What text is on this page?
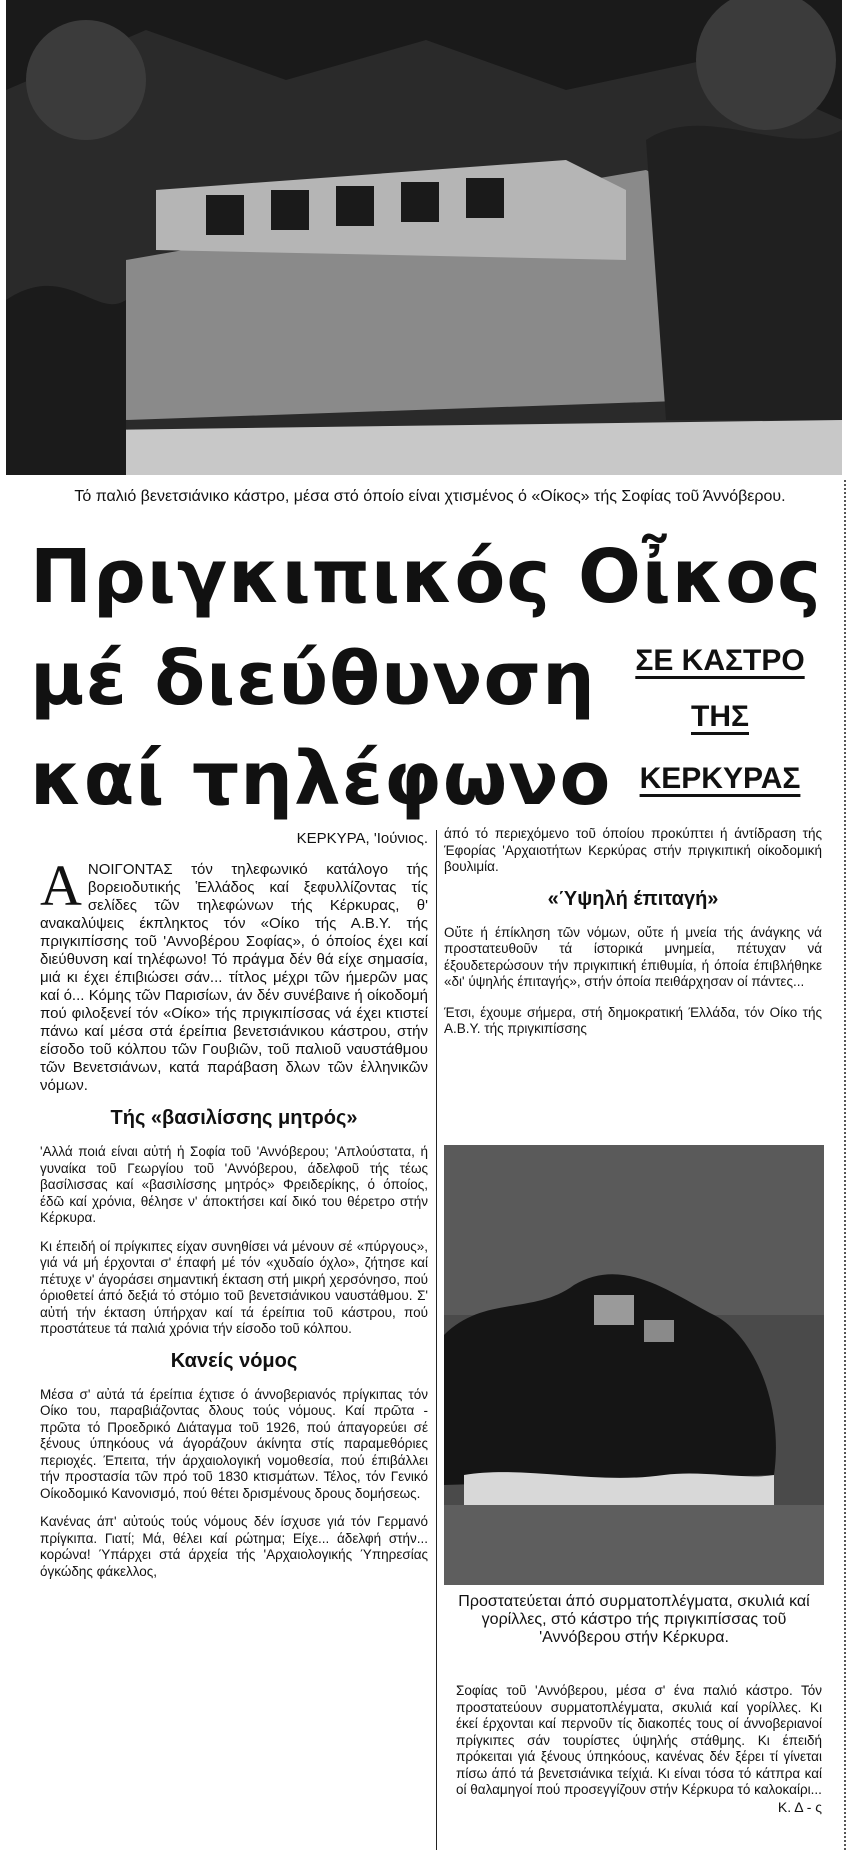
Τό παλιό βενετσιάνικο κάστρο, μέσα στό όποίο είναι χτισμένος ό «Οίκος» τής Σοφίας τοῦ Άννόβερου.
Πριγκιπικός Οἶκος
μέ διεύθυνση
καί τηλέφωνο
ΣΕ ΚΑΣΤΡΟ
ΤΗΣ
ΚΕΡΚΥΡΑΣ
ΚΕΡΚΥΡΑ, 'Ιούνιος.

ΑΝΟΙΓΟΝΤΑΣ τόν τηλεφωνικό κατάλογο τής βορειοδυτικής Ἑλλάδος καί ξεφυλλίζοντας τίς σελίδες τῶν τηλεφώνων τής Κέρκυρας, θ' ανακαλύψεις έκπληκτος τόν «Οίκο τής Α.Β.Υ. τής πριγκιπίσσης τοῦ 'Αννοβέρου Σοφίας», ό όποίος έχει καί διεύθυνση καί τηλέφωνο! Τό πράγμα δέν θά είχε σημασία, μιά κι έχει έπιβιώσει σάν... τίτλος μέχρι τῶν ήμερῶν μας καί ό... Κόμης τῶν Παρισίων, άν δέν συνέβαινε ή οίκοδομή πού φιλοξενεί τόν «Οίκο» τής πριγκιπίσσας νά έχει κτιστεί πάνω καί μέσα στά έρείπια βενετσιάνικου κάστρου, στήν είσοδο τοῦ κόλπου τῶν Γουβιῶν, τοῦ παλιοῦ ναυστάθμου τῶν Βενετσιάνων, κατά παράβαση δλων τῶν ἑλληνικῶν νόμων.

Τής «βασιλίσσης μητρός»

'Αλλά ποιά είναι αὐτή ἡ Σοφία τοῦ 'Αννόβερου; 'Απλούστατα, ή γυναίκα τοῦ Γεωργίου τοῦ 'Αννόβερου, άδελφοῦ τής τέως βασίλισσας καί «βασιλίσσης μητρός» Φρειδερίκης, ό όποίος, έδῶ καί χρόνια, θέλησε ν' άποκτήσει καί δικό του θέρετρο στήν Κέρκυρα.

Κι έπειδή οί πρίγκιπες είχαν συνηθίσει νά μένουν σέ «πύργους», γιά νά μή έρχονται σ' έπαφή μέ τόν «χυδαίο όχλο», ζήτησε καί πέτυχε ν' άγοράσει σημαντική έκταση στή μικρή χερσόνησο, πού όριοθετεί άπό δεξιά τό στόμιο τοῦ βενετσιάνικου ναυστάθμου. Σ' αὐτή τήν έκταση ύπήρχαν καί τά έρείπια τοῦ κάστρου, πού προστάτευε τά παλιά χρόνια τήν είσοδο τοῦ κόλπου.

Κανείς νόμος

Μέσα σ' αὐτά τά έρείπια έχτισε ό άννοβεριανός πρίγκιπας τόν Οίκο του, παραβιάζοντας δλους τούς νόμους. Καί πρῶτα - πρῶτα τό Προεδρικό Διάταγμα τοῦ 1926, πού άπαγορεύει σέ ξένους ύπηκόους νά άγοράζουν άκίνητα στίς παραμεθόριες περιοχές. Έπειτα, τήν άρχαιολογική νομοθεσία, πού έπιβάλλει τήν προστασία τῶν πρό τοῦ 1830 κτισμάτων. Τέλος, τόν Γενικό Οίκοδομικό Κανονισμό, πού θέτει δρισμένους δρους δομήσεως.

Κανένας άπ' αὐτούς τούς νόμους δέν ίσχυσε γιά τόν Γερμανό πρίγκιπα. Γιατί; Μά, θέλει καί ρώτημα; Είχε... άδελφή στήν... κορώνα! Ύπάρχει στά άρχεία τής 'Αρχαιολογικής Ύπηρεσίας όγκώδης φάκελλος,

άπό τό περιεχόμενο τοῦ όποίου προκύπτει ή άντίδραση τής Έφορίας 'Αρχαιοτήτων Κερκύρας στήν πριγκιπική οίκοδομική βουλιμία.

«Ύψηλή έπιταγή»

Οὔτε ή έπίκληση τῶν νόμων, οὔτε ή μνεία τής άνάγκης νά προστατευθοῦν τά ίστορικά μνημεία, πέτυχαν νά έξουδετερώσουν τήν πριγκιπική έπιθυμία, ή όποία έπιβλήθηκε «δι' ύψηλής έπιταγής», στήν όποία πειθάρχησαν οί πάντες...

Έτσι, έχουμε σήμερα, στή δημοκρατική Έλλάδα, τόν Οίκο τής Α.Β.Υ. τής πριγκιπίσσης

Προστατεύεται άπό συρματοπλέγματα, σκυλιά καί γορίλλες, στό κάστρο τής πριγκιπίσσας τοῦ 'Αννόβερου στήν Κέρκυρα.

Σοφίας τοῦ 'Αννόβερου, μέσα σ' ένα παλιό κάστρο. Τόν προστατεύουν συρματοπλέγματα, σκυλιά καί γορίλλες. Κι έκεί έρχονται καί περνοῦν τίς διακοπές τους οί άννοβεριανοί πρίγκιπες σάν τουρίστες ύψηλής στάθμης. Κι έπειδή πρόκειται γιά ξένους ύπηκόους, κανένας δέν ξέρει τί γίνεται πίσω άπό τά βενετσιάνικα τείχιά. Κι είναι τόσα τό κάτπρα καί οί θαλαμηγοί πού προσεγγίζουν στήν Κέρκυρα τό καλοκαίρι...

Κ. Δ - ς
